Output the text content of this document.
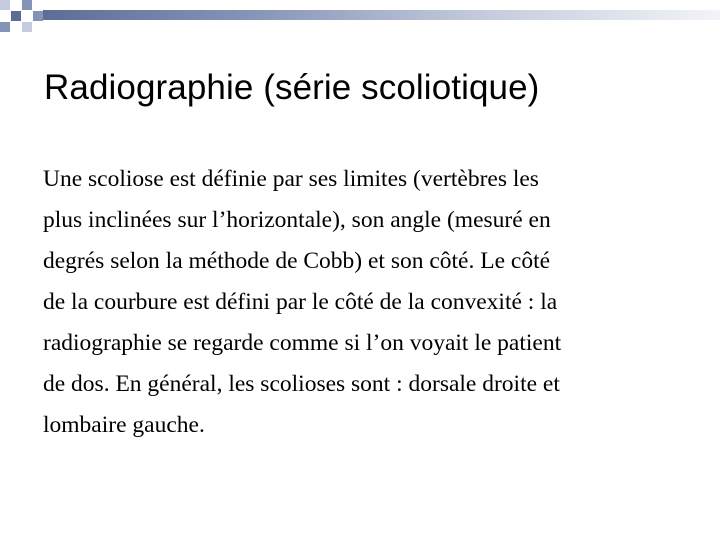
Radiographie (série scoliotique)

Une scoliose est définie par ses limites (vertèbres les
plus inclinées sur l’horizontale), son angle (mesuré en
degrés selon la méthode de Cobb) et son côté. Le côté
de la courbure est défini par le côté de la convexité : la
radiographie se regarde comme si l’on voyait le patient
de dos. En général, les scolioses sont : dorsale droite et
lombaire gauche.
